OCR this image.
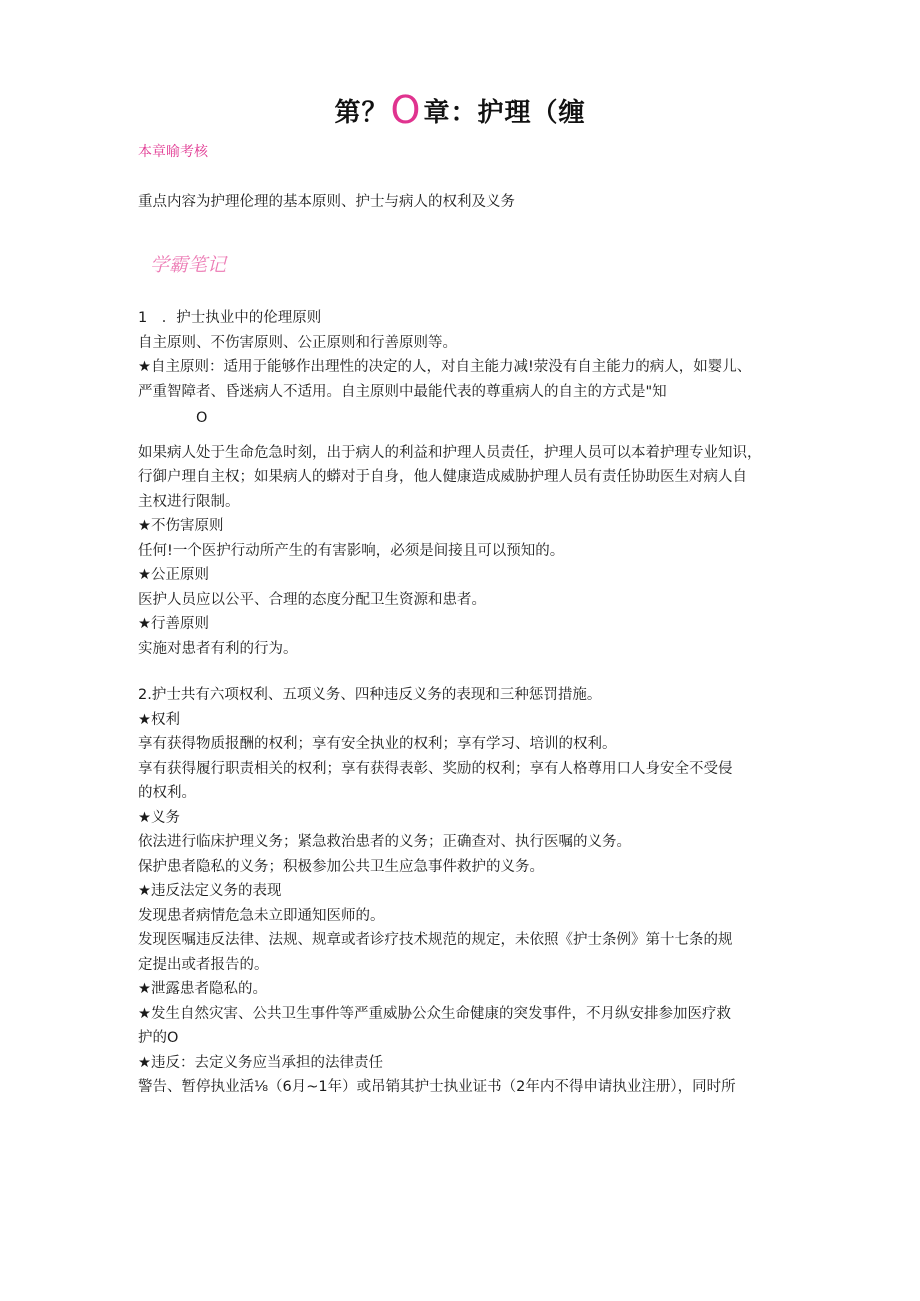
第？O章：护理（缠
本章喻考核
重点内容为护理伦理的基本原则、护士与病人的权利及义务
学霸笔记

1　．护士执业中的伦理原则

自主原则、不伤害原则、公正原则和行善原则等。

★自主原则：适用于能够作出理性的决定的人，对自主能力减!荥没有自主能力的病人，如婴儿、

严重智障者、昏迷病人不适用。自主原则中最能代表的尊重病人的自主的方式是"知

O

如果病人处于生命危急时刻，出于病人的利益和护理人员责任，护理人员可以本着护理专业知识，

行御户理自主权；如果病人的蟒对于自身，他人健康造成威胁护理人员有责任协助医生对病人自

主权进行限制。

★不伤害原则

任何!一个医护行动所产生的有害影响，必须是间接且可以预知的。

★公正原则

医护人员应以公平、合理的态度分配卫生资源和患者。

★行善原则

实施对患者有利的行为。

2.护士共有六项权利、五项义务、四种违反义务的表现和三种惩罚措施。

★权利

享有获得物质报酬的权利；享有安全执业的权利；享有学习、培训的权利。

享有获得履行职责相关的权利；享有获得表彰、奖励的权利；享有人格尊用口人身安全不受侵

的权利。

★义务

依法进行临床护理义务；紧急救治患者的义务；正确查对、执行医嘱的义务。

保护患者隐私的义务；积极参加公共卫生应急事件救护的义务。

★违反法定义务的表现

发现患者病情危急未立即通知医师的。

发现医嘱违反法律、法规、规章或者诊疗技术规范的规定，未依照《护士条例》第十七条的规

定提出或者报告的。

★泄露患者隐私的。

★发生自然灾害、公共卫生事件等严重威胁公众生命健康的突发事件，不月纵安排参加医疗救

护的O

★违反：去定义务应当承担的法律责任

警告、暂停执业活⅛（6月~1年）或吊销其护士执业证书（2年内不得申请执业注册），同时所
